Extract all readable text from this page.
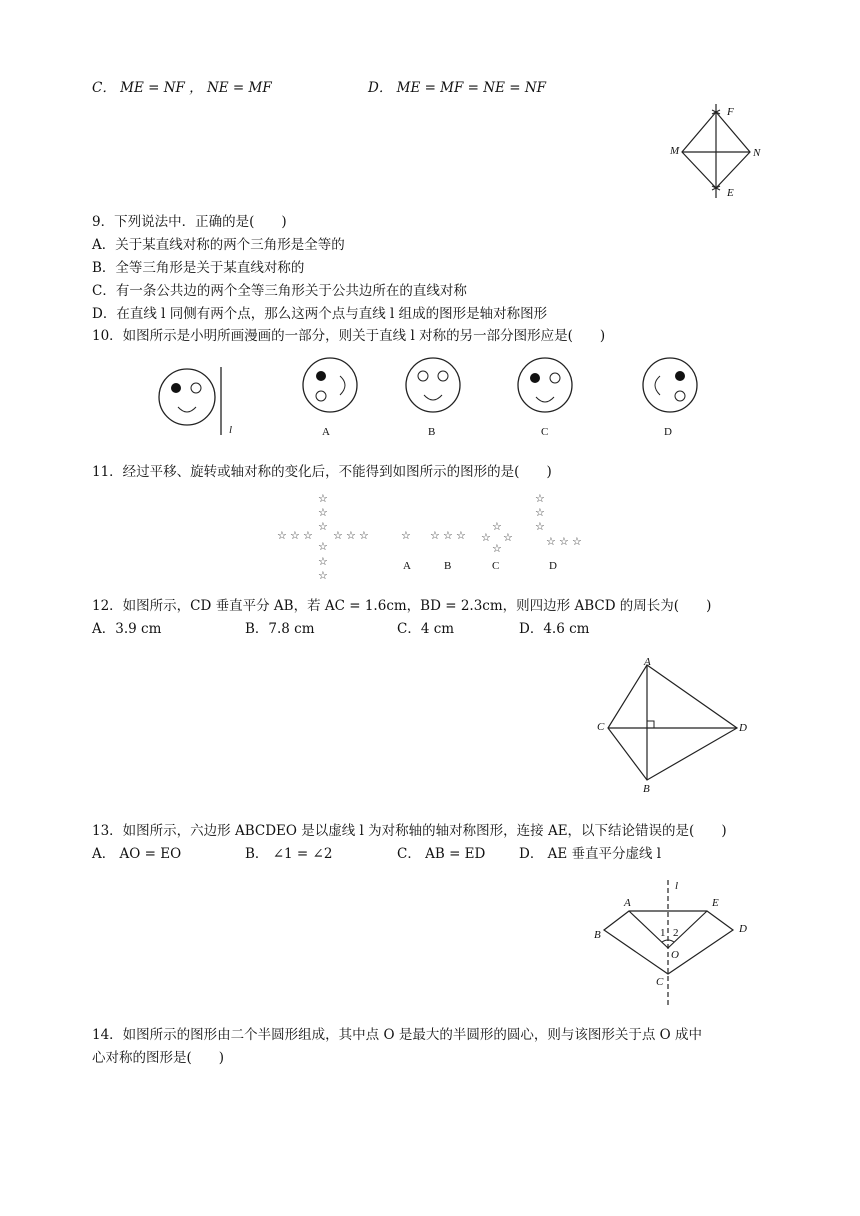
C． ME = NF ， NE = MF	D． ME = MF = NE = NF
F
M	N
E
9．下列说法中．正确的是(　　)
A．关于某直线对称的两个三角形是全等的
B．全等三角形是关于某直线对称的
C．有一条公共边的两个全等三角形关于公共边所在的直线对称
D．在直线 l 同侧有两个点，那么这两个点与直线 l 组成的图形是轴对称图形
10．如图所示是小明所画漫画的一部分，则关于直线 l 对称的另一部分图形应是(　　)
l	A	B	C	D
11．经过平移、旋转或轴对称的变化后，不能得到如图所示的图形的是(　　)
☆
☆
☆
☆ ☆ ☆ ☆ ☆ ☆
☆
☆
☆
☆ ☆ ☆ ☆
☆
☆ ☆
☆
☆
☆
☆
☆ ☆ ☆
A	B	C	D
12．如图所示，CD 垂直平分 AB，若 AC = 1.6cm，BD = 2.3cm，则四边形 ABCD 的周长为(　　)
A．3.9 cm	B．7.8 cm	C．4 cm	D．4.6 cm
A
C	D
B
13．如图所示，六边形 ABCDEO 是以虚线 l 为对称轴的轴对称图形，连接 AE，以下结论错误的是(　　)
A． AO = EO	B． ∠1 = ∠2	C． AB = ED D． AE 垂直平分虚线 l
l
A	E
B	D
1 2
O
C
14．如图所示的图形由二个半圆形组成，其中点 O 是最大的半圆形的圆心，则与该图形关于点 O 成中
心对称的图形是(　　)
